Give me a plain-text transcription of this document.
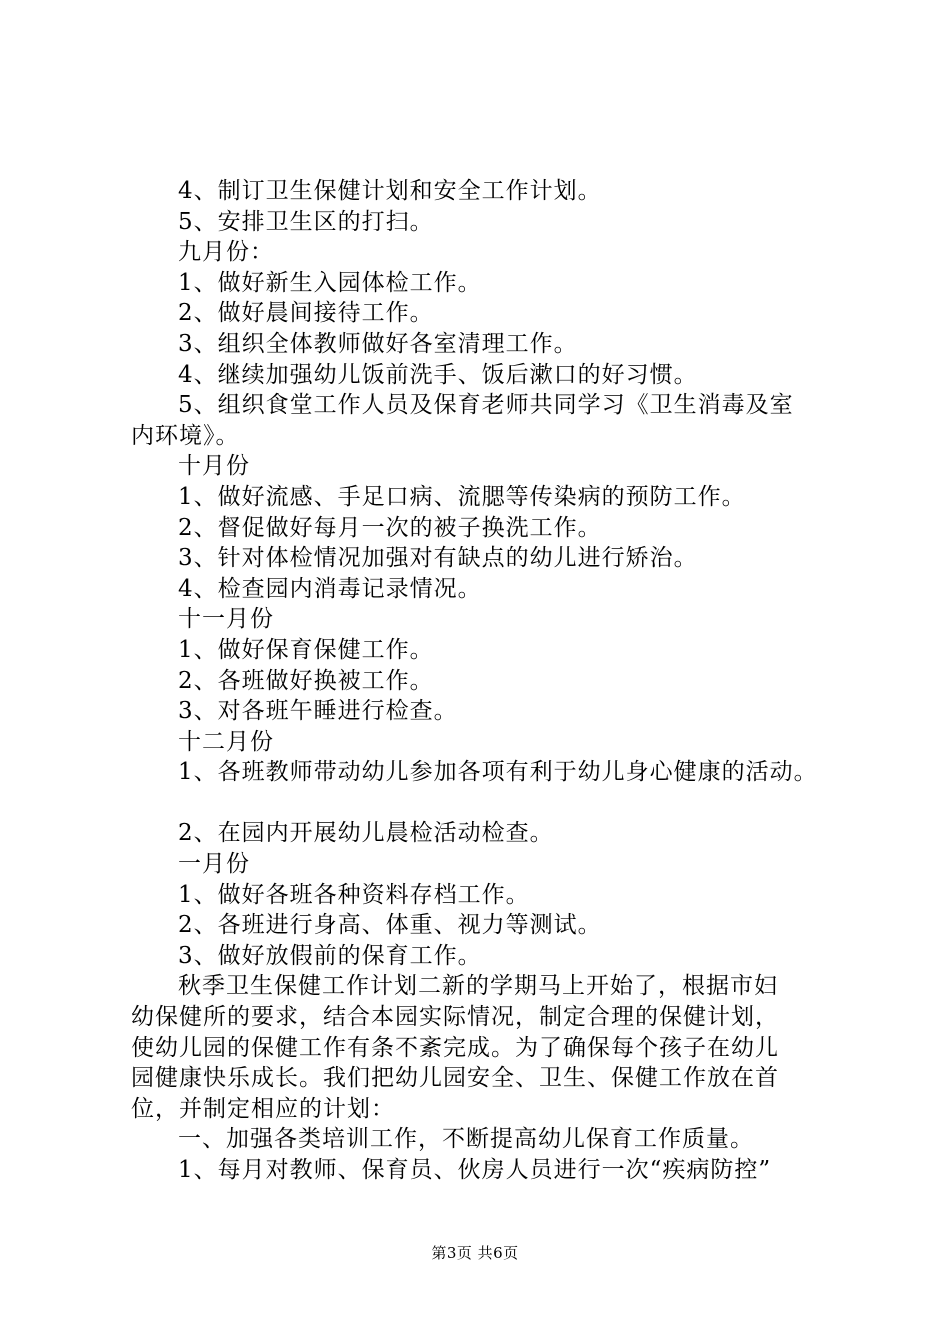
4、制订卫生保健计划和安全工作计划。
5、安排卫生区的打扫。
九月份：
1、做好新生入园体检工作。
2、做好晨间接待工作。
3、组织全体教师做好各室清理工作。
4、继续加强幼儿饭前洗手、饭后漱口的好习惯。
5、组织食堂工作人员及保育老师共同学习《卫生消毒及室
内环境》。
十月份
1、做好流感、手足口病、流腮等传染病的预防工作。
2、督促做好每月一次的被子换洗工作。
3、针对体检情况加强对有缺点的幼儿进行矫治。
4、检查园内消毒记录情况。
十一月份
1、做好保育保健工作。
2、各班做好换被工作。
3、对各班午睡进行检查。
十二月份
1、各班教师带动幼儿参加各项有利于幼儿身心健康的活动。
2、在园内开展幼儿晨检活动检查。
一月份
1、做好各班各种资料存档工作。
2、各班进行身高、体重、视力等测试。
3、做好放假前的保育工作。
秋季卫生保健工作计划二新的学期马上开始了，根据市妇
幼保健所的要求，结合本园实际情况，制定合理的保健计划，
使幼儿园的保健工作有条不紊完成。为了确保每个孩子在幼儿
园健康快乐成长。我们把幼儿园安全、卫生、保健工作放在首
位，并制定相应的计划：
一、加强各类培训工作，不断提高幼儿保育工作质量。
1、每月对教师、保育员、伙房人员进行一次“疾病防控”
第3页 共6页
